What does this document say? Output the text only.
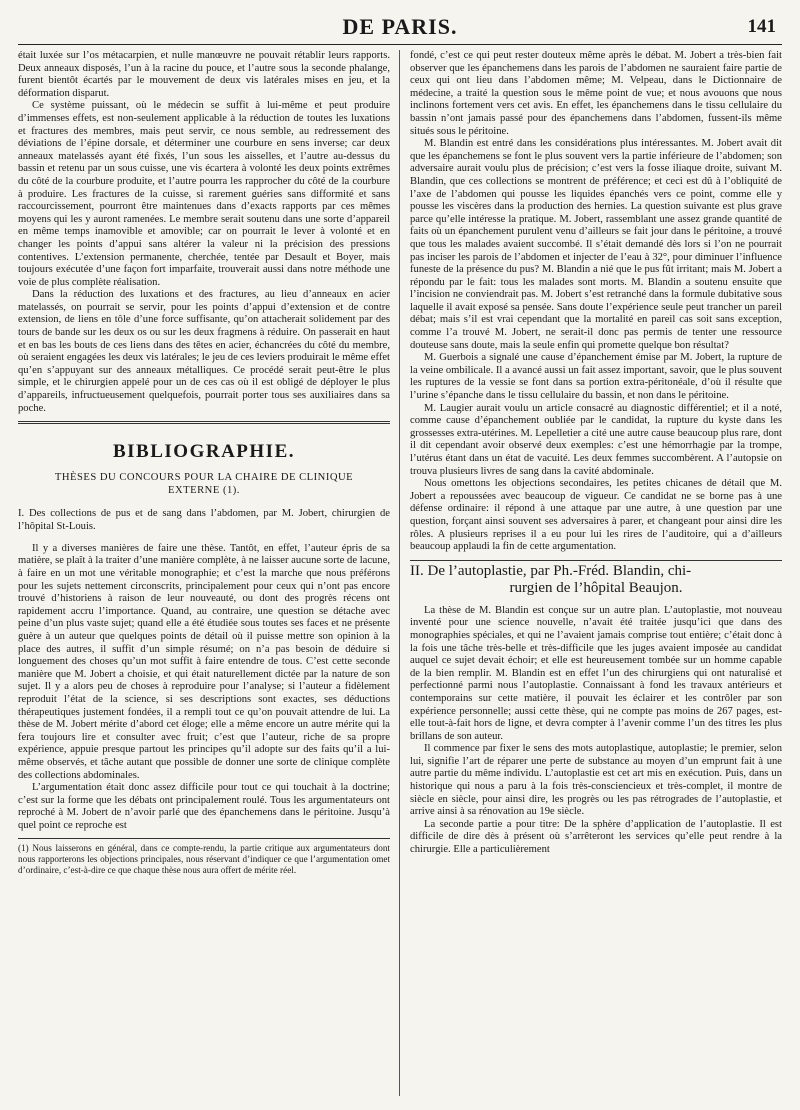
DE PARIS.	141

était luxée sur l’os métacarpien, et nulle manœuvre ne pouvait rétablir leurs rapports. Deux anneaux disposés, l’un à la racine du pouce, et l’autre sous la seconde phalange, furent bientôt écartés par le mouvement de deux vis latérales mises en jeu, et la déformation disparut.

Ce système puissant, où le médecin se suffit à lui-même et peut produire d’immenses effets, est non-seulement applicable à la réduction de toutes les luxations et fractures des membres, mais peut servir, ce nous semble, au redressement des déviations de l’épine dorsale, et déterminer une courbure en sens inverse; car deux anneaux matelassés ayant été fixés, l’un sous les aisselles, et l’autre au-dessus du bassin et retenu par un sous cuisse, une vis écartera à volonté les deux points extrêmes du côté de la courbure produite, et l’autre pourra les rapprocher du côté de la courbure à produire. Les fractures de la cuisse, si rarement guéries sans difformité et sans raccourcissement, pourront être maintenues dans d’exacts rapports par ces mêmes moyens qui les y auront ramenées. Le membre serait soutenu dans une sorte d’appareil en même temps inamovible et amovible; car on pourrait le lever à volonté et en changer les points d’appui sans altérer la valeur ni la précision des pressions contentives. L’extension permanente, cherchée, tentée par Desault et Boyer, mais toujours exécutée d’une façon fort imparfaite, trouverait aussi dans notre méthode une voie de plus complète réalisation.

Dans la réduction des luxations et des fractures, au lieu d’anneaux en acier matelassés, on pourrait se servir, pour les points d’appui d’extension et de contre extension, de liens en tôle d’une force suffisante, qu’on attacherait solidement par des tours de bande sur les deux os ou sur les deux fragmens à réduire. On passerait en haut et en bas les bouts de ces liens dans des têtes en acier, échancrées du côté du membre, où seraient engagées les deux vis latérales; le jeu de ces leviers produirait le même effet qu’en s’appuyant sur des anneaux métalliques. Ce procédé serait peut-être le plus simple, et le chirurgien appelé pour un de ces cas où il est obligé de déployer le plus d’appareils, infructueusement quelquefois, pourrait porter tous ses auxiliaires dans sa poche.

BIBLIOGRAPHIE.
THÈSES DU CONCOURS POUR LA CHAIRE DE CLINIQUE EXTERNE (1).
I. Des collections de pus et de sang dans l’abdomen, par M. Jobert, chirurgien de l’hôpital St-Louis.

Il y a diverses manières de faire une thèse. Tantôt, en effet, l’auteur épris de sa matière, se plaît à la traiter d’une manière complète, à ne laisser aucune sorte de lacune, à faire en un mot une véritable monographie; et c’est la marche que nous préférons pour les sujets nettement circonscrits, principalement pour ceux qui n’ont pas encore trouvé d’historiens à raison de leur nouveauté, ou dont des progrès récens ont rapidement accru l’importance. Quand, au contraire, une question se détache avec peine d’un plus vaste sujet; quand elle a été étudiée sous toutes ses faces et ne présente guère à un auteur que quelques points de détail où il puisse mettre son opinion à la place des autres, il suffit d’un simple résumé; on n’a pas besoin de déduire si longuement des choses qu’un mot suffit à faire entendre de tous. C’est cette seconde manière que M. Jobert a choisie, et qui était naturellement dictée par la nature de son sujet. Il y a alors peu de choses à reproduire pour l’analyse; si l’auteur a fidèlement reproduit l’état de la science, si ses descriptions sont exactes, ses déductions thérapeutiques justement fondées, il a rempli tout ce qu’on pouvait attendre de lui. La thèse de M. Jobert mérite d’abord cet éloge; elle a même encore un autre mérite qui la fera toujours lire et consulter avec fruit; c’est que l’auteur, riche de sa propre expérience, appuie presque partout les principes qu’il adopte sur des faits qu’il a lui-même observés, et tâche autant que possible de donner une sorte de clinique complète des collections abdominales.

L’argumentation était donc assez difficile pour tout ce qui touchait à la doctrine; c’est sur la forme que les débats ont principalement roulé. Tous les argumentateurs ont reproché à M. Jobert de n’avoir parlé que des épanchemens dans le péritoine. Jusqu’à quel point ce reproche est

(1) Nous laisserons en général, dans ce compte-rendu, la partie critique aux argumentateurs dont nous rapporterons les objections principales, nous réservant d’indiquer ce que l’argumentation omet d’ordinaire, c’est-à-dire ce que chaque thèse nous aura offert de mérite réel.

fondé, c’est ce qui peut rester douteux même après le débat. M. Jobert a très-bien fait observer que les épanchemens dans les parois de l’abdomen ne sauraient faire partie de ceux qui ont lieu dans l’abdomen même; M. Velpeau, dans le Dictionnaire de médecine, a traité la question sous le même point de vue; et nous avouons que nous inclinons fortement vers cet avis. En effet, les épanchemens dans le tissu cellulaire du bassin n’ont jamais passé pour des épanchemens dans l’abdomen, fussent-ils même situés sous le péritoine.

M. Blandin est entré dans les considérations plus intéressantes. M. Jobert avait dit que les épanchemens se font le plus souvent vers la partie inférieure de l’abdomen; son adversaire aurait voulu plus de précision; c’est vers la fosse iliaque droite, suivant M. Blandin, que ces collections se montrent de préférence; et ceci est dû à l’obliquité de l’axe de l’abdomen qui pousse les liquides épanchés vers ce point, comme elle y pousse les viscères dans la production des hernies. La question suivante est plus grave parce qu’elle intéresse la pratique. M. Jobert, rassemblant une assez grande quantité de faits où un épanchement purulent venu d’ailleurs se fait jour dans le péritoine, a trouvé que tous les malades avaient succombé. Il s’était demandé dès lors si l’on ne pourrait pas inciser les parois de l’abdomen et injecter de l’eau à 32°, pour diminuer l’influence funeste de la présence du pus? M. Blandin a nié que le pus fût irritant; mais M. Jobert a répondu par le fait: tous les malades sont morts. M. Blandin a soutenu ensuite que l’incision ne conviendrait pas. M. Jobert s’est retranché dans la formule dubitative sous laquelle il avait exposé sa pensée. Sans doute l’expérience seule peut trancher un pareil débat; mais s’il est vrai cependant que la mortalité en pareil cas soit sans exception, comme l’a trouvé M. Jobert, ne serait-il donc pas permis de tenter une ressource douteuse sans doute, mais la seule enfin qui promette quelque bon résultat?

M. Guerbois a signalé une cause d’épanchement émise par M. Jobert, la rupture de la veine ombilicale. Il a avancé aussi un fait assez important, savoir, que le plus souvent les ruptures de la vessie se font dans sa portion extra-péritonéale, d’où il résulte que l’urine s’épanche dans le tissu cellulaire du bassin, et non dans le péritoine.

M. Laugier aurait voulu un article consacré au diagnostic différentiel; et il a noté, comme cause d’épanchement oubliée par le candidat, la rupture du kyste dans les grossesses extra-utérines. M. Lepelletier a cité une autre cause beaucoup plus rare, dont il dit cependant avoir observé deux exemples: c’est une hémorrhagie par la trompe, l’utérus étant dans un état de vacuité. Les deux femmes succombèrent. A l’autopsie on trouva plusieurs livres de sang dans la cavité abdominale.

Nous omettons les objections secondaires, les petites chicanes de détail que M. Jobert a repoussées avec beaucoup de vigueur. Ce candidat ne se borne pas à une défense ordinaire: il répond à une attaque par une autre, à une question par une question, forçant ainsi souvent ses adversaires à parer, et changeant pour ainsi dire les rôles. A plusieurs reprises il a eu pour lui les rires de l’auditoire, qui a d’ailleurs beaucoup applaudi la fin de cette argumentation.

II. De l’autoplastie, par Ph.-Fréd. Blandin, chi-
rurgien de l’hôpital Beaujon.

La thèse de M. Blandin est conçue sur un autre plan. L’autoplastie, mot nouveau inventé pour une science nouvelle, n’avait été traitée jusqu’ici que dans des monographies spéciales, et qui ne l’avaient jamais comprise tout entière; c’était donc à la fois une tâche très-belle et très-difficile que les juges avaient imposée au candidat auquel ce sujet devait échoir; et elle est heureusement tombée sur un homme capable de la bien remplir. M. Blandin est en effet l’un des chirurgiens qui ont naturalisé et perfectionné parmi nous l’autoplastie. Connaissant à fond les travaux antérieurs et contemporains sur cette matière, il pouvait les éclairer et les contrôler par son expérience personnelle; aussi cette thèse, qui ne compte pas moins de 267 pages, est-elle tout-à-fait hors de ligne, et devra compter à l’avenir comme l’un des titres les plus brillans de son auteur.

Il commence par fixer le sens des mots autoplastique, autoplastie; le premier, selon lui, signifie l’art de réparer une perte de substance au moyen d’un emprunt fait à une autre partie du même individu. L’autoplastie est cet art mis en exécution. Puis, dans un historique qui nous a paru à la fois très-consciencieux et très-complet, il montre de siècle en siècle, pour ainsi dire, les progrès ou les pas rétrogrades de l’autoplastie, et arrive ainsi à sa rénovation au 19e siècle.

La seconde partie a pour titre: De la sphère d’application de l’autoplastie. Il est difficile de dire dès à présent où s’arrêteront les services qu’elle peut rendre à la chirurgie. Elle a particulièrement
